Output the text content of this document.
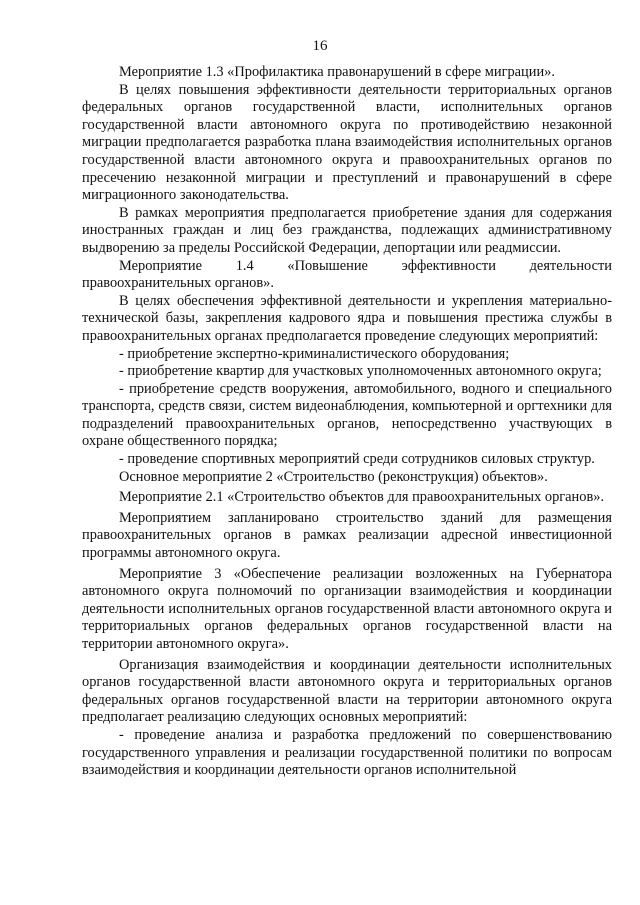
16

Мероприятие 1.3 «Профилактика правонарушений в сфере миграции».

В целях повышения эффективности деятельности территориальных органов федеральных органов государственной власти, исполнительных органов государственной власти автономного округа по противодействию незаконной миграции предполагается разработка плана взаимодействия исполнительных органов государственной власти автономного округа и правоохранительных органов по пресечению незаконной миграции и преступлений и правонарушений в сфере миграционного законодательства.

В рамках мероприятия предполагается приобретение здания для содержания иностранных граждан и лиц без гражданства, подлежащих административному выдворению за пределы Российской Федерации, депортации или реадмиссии.

Мероприятие 1.4 «Повышение эффективности деятельности правоохранительных органов».

В целях обеспечения эффективной деятельности и укрепления материально-технической базы, закрепления кадрового ядра и повышения престижа службы в правоохранительных органах предполагается проведение следующих мероприятий:

- приобретение экспертно-криминалистического оборудования;

- приобретение квартир для участковых уполномоченных автономного округа;

- приобретение средств вооружения, автомобильного, водного и специального транспорта, средств связи, систем видеонаблюдения, компьютерной и оргтехники для подразделений правоохранительных органов, непосредственно участвующих в охране общественного порядка;

- проведение спортивных мероприятий среди сотрудников силовых структур.

Основное мероприятие 2 «Строительство (реконструкция) объектов».

Мероприятие 2.1 «Строительство объектов для правоохранительных органов».

Мероприятием запланировано строительство зданий для размещения правоохранительных органов в рамках реализации адресной инвестиционной программы автономного округа.

Мероприятие 3 «Обеспечение реализации возложенных на Губернатора автономного округа полномочий по организации взаимодействия и координации деятельности исполнительных органов государственной власти автономного округа и территориальных органов федеральных органов государственной власти на территории автономного округа».

Организация взаимодействия и координации деятельности исполнительных органов государственной власти автономного округа и территориальных органов федеральных органов государственной власти на территории автономного округа предполагает реализацию следующих основных мероприятий:

- проведение анализа и разработка предложений по совершенствованию государственного управления и реализации государственной политики по вопросам взаимодействия и координации деятельности органов исполнительной
